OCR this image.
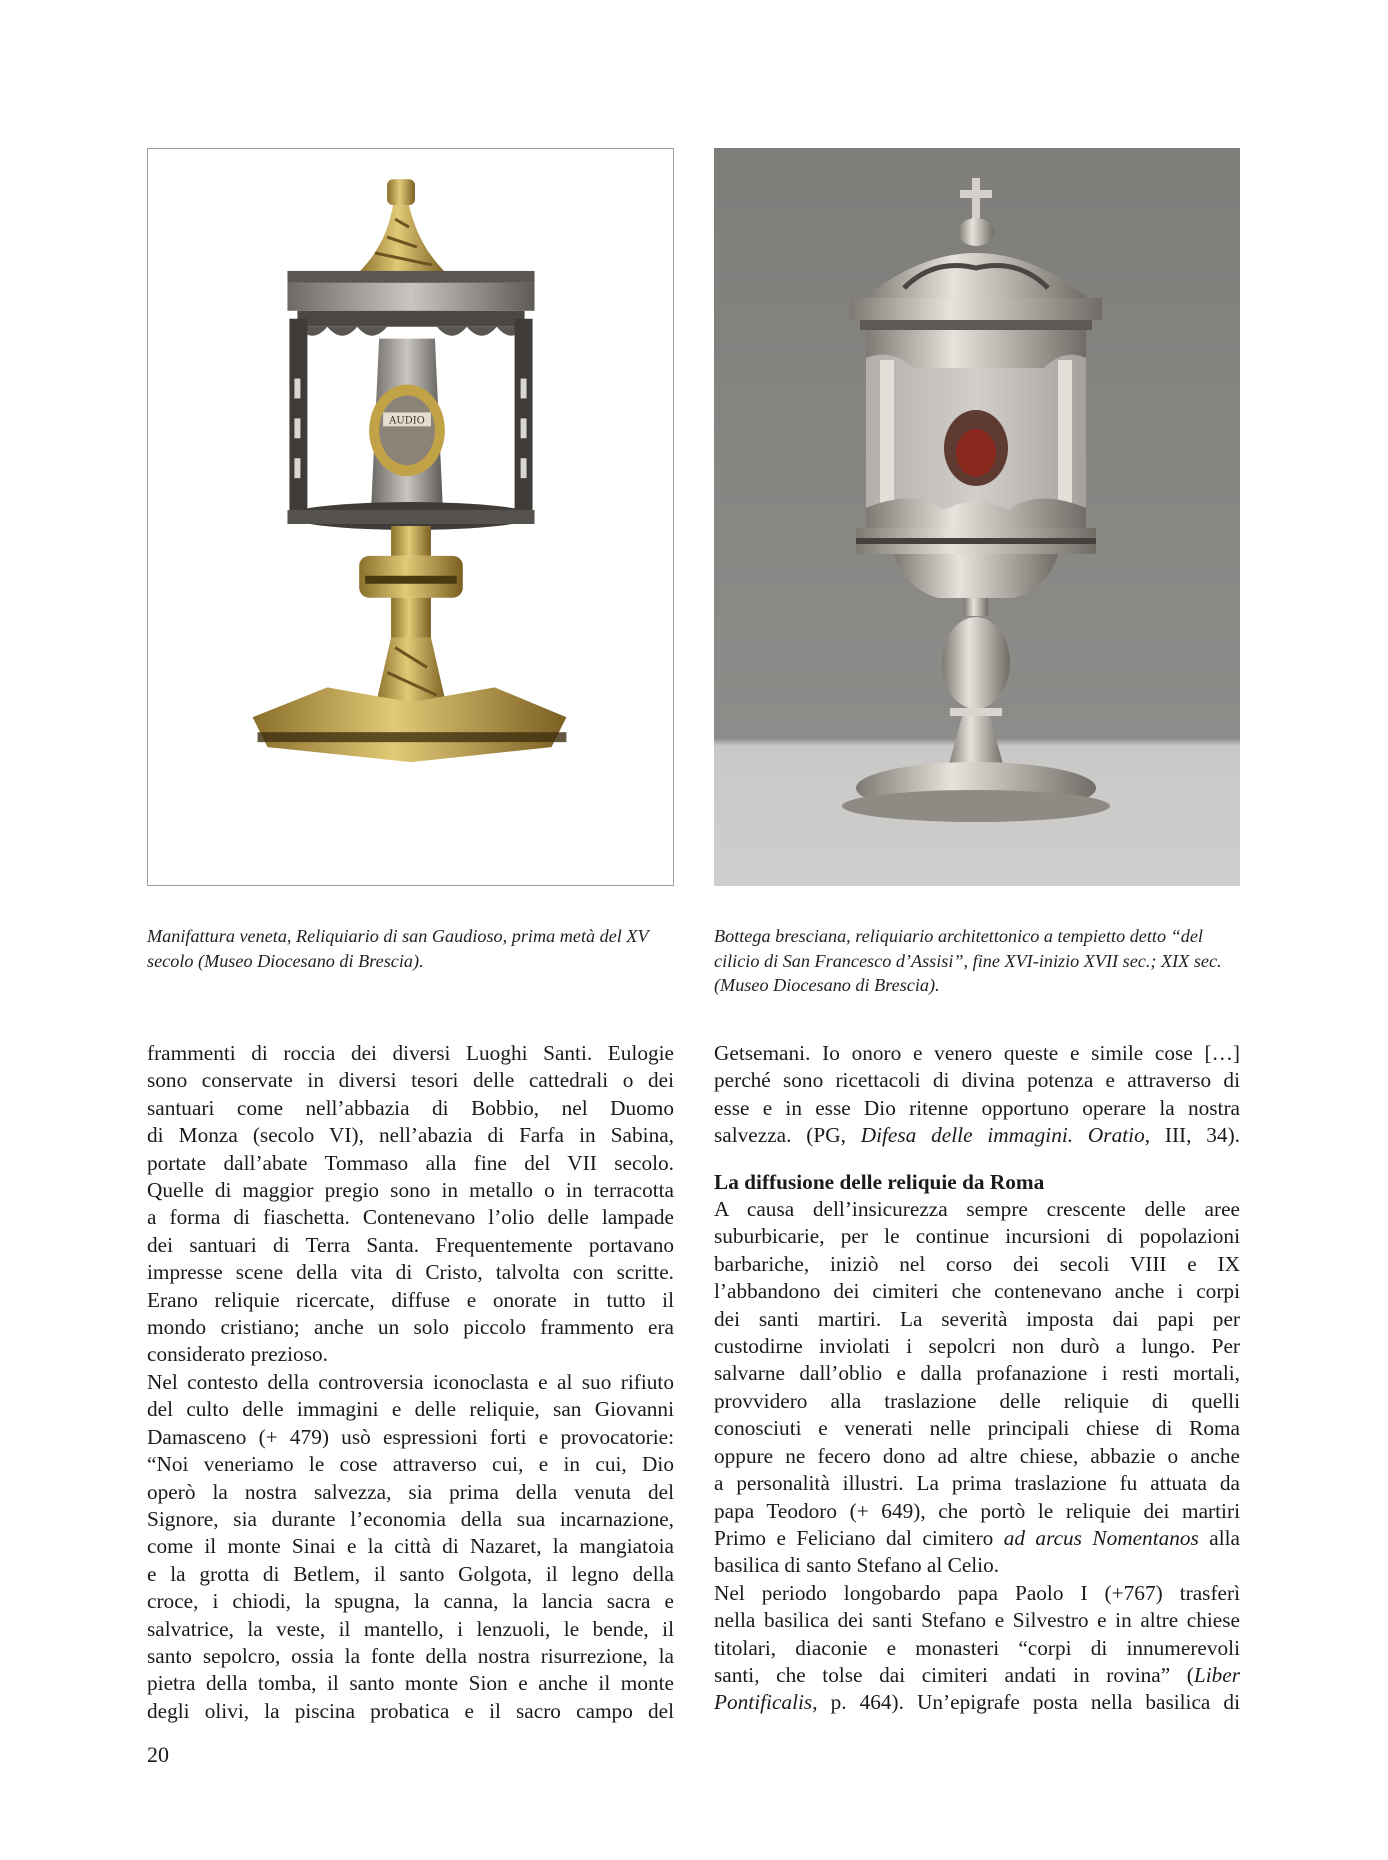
AUDIO
Manifattura veneta, Reliquiario di san Gaudioso, prima metà del XV secolo (Museo Diocesano di Brescia).
Bottega bresciana, reliquiario architettonico a tempietto detto “del cilicio di San Francesco d’Assisi”, fine XVI-inizio XVII sec.; XIX sec. (Museo Diocesano di Brescia).
frammenti di roccia dei diversi Luoghi Santi. Eulogie
sono conservate in diversi tesori delle cattedrali o dei
santuari come nell’abbazia di Bobbio, nel Duomo
di Monza (secolo VI), nell’abazia di Farfa in Sabina,
portate dall’abate Tommaso alla fine del VII secolo.
Quelle di maggior pregio sono in metallo o in terracotta
a forma di fiaschetta. Contenevano l’olio delle lampade
dei santuari di Terra Santa. Frequentemente portavano
impresse scene della vita di Cristo, talvolta con scritte.
Erano reliquie ricercate, diffuse e onorate in tutto il
mondo cristiano; anche un solo piccolo frammento era
considerato prezioso.
Nel contesto della controversia iconoclasta e al suo rifiuto
del culto delle immagini e delle reliquie, san Giovanni
Damasceno (+ 479) usò espressioni forti e provocatorie:
“Noi veneriamo le cose attraverso cui, e in cui, Dio
operò la nostra salvezza, sia prima della venuta del
Signore, sia durante l’economia della sua incarnazione,
come il monte Sinai e la città di Nazaret, la mangiatoia
e la grotta di Betlem, il santo Golgota, il legno della
croce, i chiodi, la spugna, la canna, la lancia sacra e
salvatrice, la veste, il mantello, i lenzuoli, le bende, il
santo sepolcro, ossia la fonte della nostra risurrezione, la
pietra della tomba, il santo monte Sion e anche il monte
degli olivi, la piscina probatica e il sacro campo del
Getsemani. Io onoro e venero queste e simile cose […]
perché sono ricettacoli di divina potenza e attraverso di
esse e in esse Dio ritenne opportuno operare la nostra
salvezza. (PG, Difesa delle immagini. Oratio, III, 34).
La diffusione delle reliquie da Roma
A causa dell’insicurezza sempre crescente delle aree
suburbicarie, per le continue incursioni di popolazioni
barbariche, iniziò nel corso dei secoli VIII e IX
l’abbandono dei cimiteri che contenevano anche i corpi
dei santi martiri. La severità imposta dai papi per
custodirne inviolati i sepolcri non durò a lungo. Per
salvarne dall’oblio e dalla profanazione i resti mortali,
provvidero alla traslazione delle reliquie di quelli
conosciuti e venerati nelle principali chiese di Roma
oppure ne fecero dono ad altre chiese, abbazie o anche
a personalità illustri. La prima traslazione fu attuata da
papa Teodoro (+ 649), che portò le reliquie dei martiri
Primo e Feliciano dal cimitero ad arcus Nomentanos alla
basilica di santo Stefano al Celio.
Nel periodo longobardo papa Paolo I (+767) trasferì
nella basilica dei santi Stefano e Silvestro e in altre chiese
titolari, diaconie e monasteri “corpi di innumerevoli
santi, che tolse dai cimiteri andati in rovina” (Liber
Pontificalis, p. 464). Un’epigrafe posta nella basilica di
20
